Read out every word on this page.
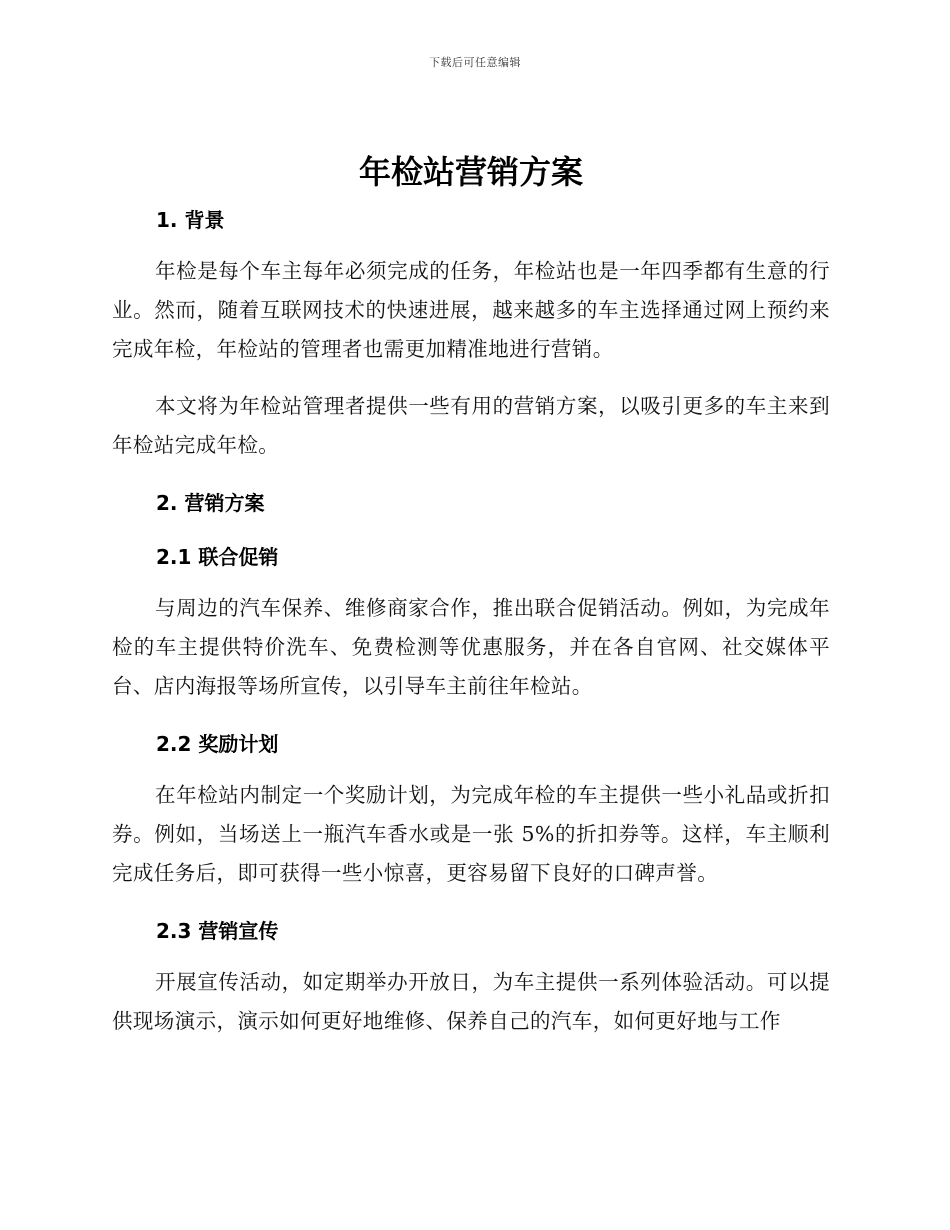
下载后可任意编辑
年检站营销方案
1. 背景

年检是每个车主每年必须完成的任务，年检站也是一年四季都有生意的行业。然而，随着互联网技术的快速进展，越来越多的车主选择通过网上预约来完成年检，年检站的管理者也需更加精准地进行营销。

本文将为年检站管理者提供一些有用的营销方案，以吸引更多的车主来到年检站完成年检。

2. 营销方案
2.1 联合促销

与周边的汽车保养、维修商家合作，推出联合促销活动。例如，为完成年检的车主提供特价洗车、免费检测等优惠服务，并在各自官网、社交媒体平台、店内海报等场所宣传，以引导车主前往年检站。

2.2 奖励计划

在年检站内制定一个奖励计划，为完成年检的车主提供一些小礼品或折扣券。例如，当场送上一瓶汽车香水或是一张 5%的折扣券等。这样，车主顺利完成任务后，即可获得一些小惊喜，更容易留下良好的口碑声誉。

2.3 营销宣传

开展宣传活动，如定期举办开放日，为车主提供一系列体验活动。可以提供现场演示，演示如何更好地维修、保养自己的汽车，如何更好地与工作
